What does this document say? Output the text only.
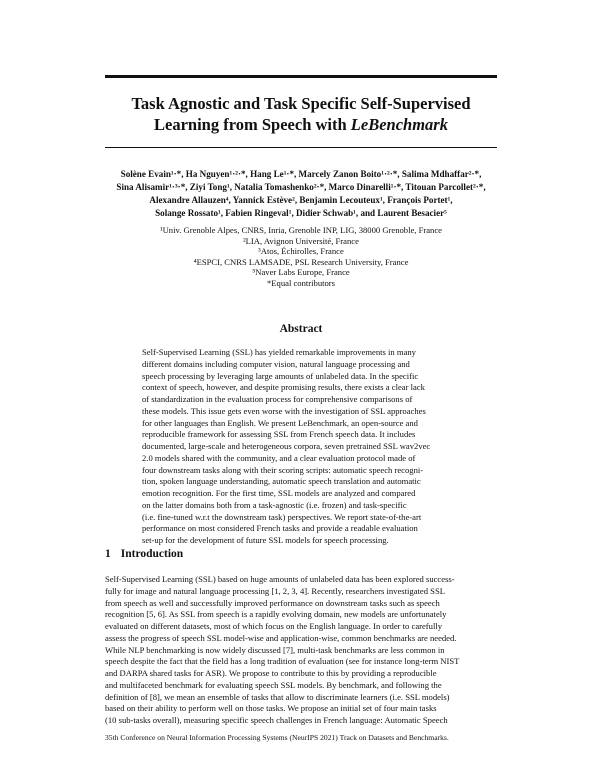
Task Agnostic and Task Specific Self-Supervised
Learning from Speech with LeBenchmark
Solène Evain¹·*, Ha Nguyen¹·²·*, Hang Le¹·*, Marcely Zanon Boito¹·²·*, Salima Mdhaffar²·*,
Sina Alisamir¹·³·*, Ziyi Tong¹, Natalia Tomashenko²·*, Marco Dinarelli¹·*, Titouan Parcollet²·*,
Alexandre Allauzen⁴, Yannick Estève², Benjamin Lecouteux¹, François Portet¹,
Solange Rossato¹, Fabien Ringeval¹, Didier Schwab¹, and Laurent Besacier⁵
¹Univ. Grenoble Alpes, CNRS, Inria, Grenoble INP, LIG, 38000 Grenoble, France
²LIA, Avignon Université, France
³Atos, Échirolles, France
⁴ESPCI, CNRS LAMSADE, PSL Research University, France
⁵Naver Labs Europe, France
*Equal contributors
Abstract
Self-Supervised Learning (SSL) has yielded remarkable improvements in many
different domains including computer vision, natural language processing and
speech processing by leveraging large amounts of unlabeled data. In the specific
context of speech, however, and despite promising results, there exists a clear lack
of standardization in the evaluation process for comprehensive comparisons of
these models. This issue gets even worse with the investigation of SSL approaches
for other languages than English. We present LeBenchmark, an open-source and
reproducible framework for assessing SSL from French speech data. It includes
documented, large-scale and heterogeneous corpora, seven pretrained SSL wav2vec
2.0 models shared with the community, and a clear evaluation protocol made of
four downstream tasks along with their scoring scripts: automatic speech recogni-
tion, spoken language understanding, automatic speech translation and automatic
emotion recognition. For the first time, SSL models are analyzed and compared
on the latter domains both from a task-agnostic (i.e. frozen) and task-specific
(i.e. fine-tuned w.r.t the downstream task) perspectives. We report state-of-the-art
performance on most considered French tasks and provide a readable evaluation
set-up for the development of future SSL models for speech processing.
1 Introduction
Self-Supervised Learning (SSL) based on huge amounts of unlabeled data has been explored success-
fully for image and natural language processing [1, 2, 3, 4]. Recently, researchers investigated SSL
from speech as well and successfully improved performance on downstream tasks such as speech
recognition [5, 6]. As SSL from speech is a rapidly evolving domain, new models are unfortunately
evaluated on different datasets, most of which focus on the English language. In order to carefully
assess the progress of speech SSL model-wise and application-wise, common benchmarks are needed.
While NLP benchmarking is now widely discussed [7], multi-task benchmarks are less common in
speech despite the fact that the field has a long tradition of evaluation (see for instance long-term NIST
and DARPA shared tasks for ASR). We propose to contribute to this by providing a reproducible
and multifaceted benchmark for evaluating speech SSL models. By benchmark, and following the
definition of [8], we mean an ensemble of tasks that allow to discriminate learners (i.e. SSL models)
based on their ability to perform well on those tasks. We propose an initial set of four main tasks
(10 sub-tasks overall), measuring specific speech challenges in French language: Automatic Speech
35th Conference on Neural Information Processing Systems (NeurIPS 2021) Track on Datasets and Benchmarks.
